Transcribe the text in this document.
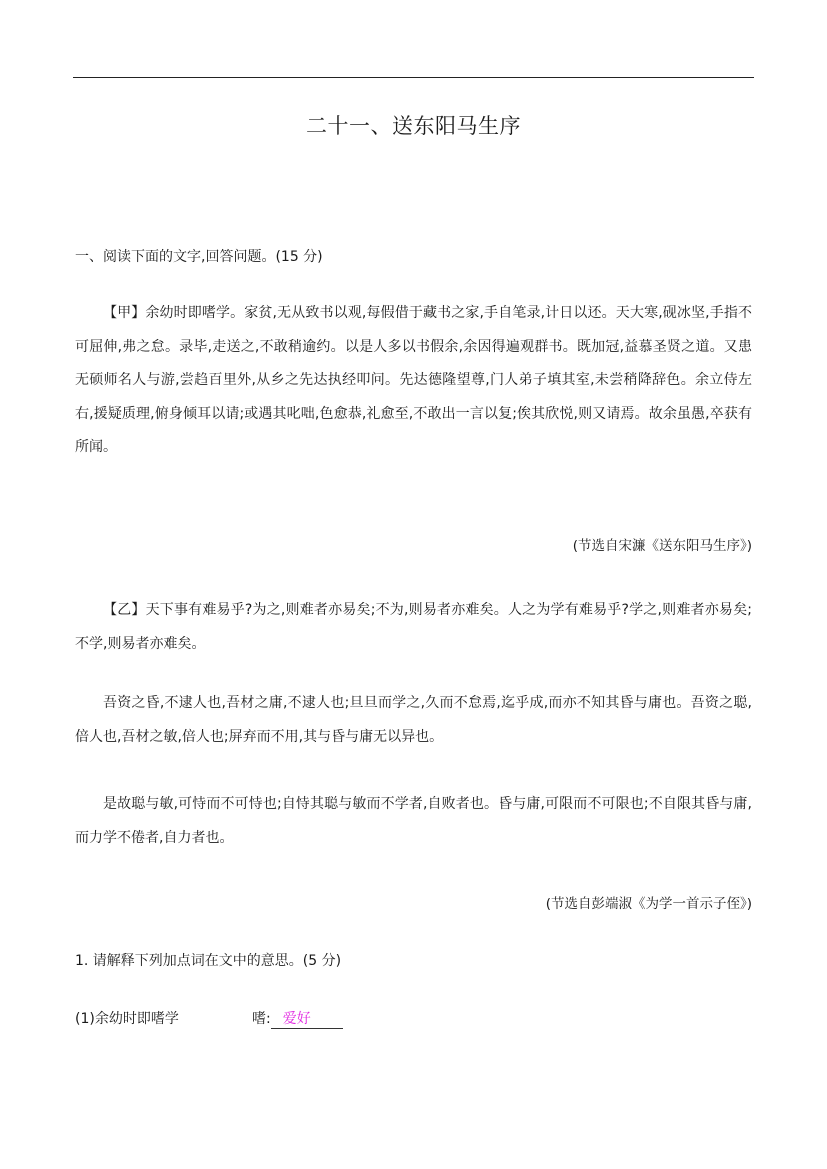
二十一、送东阳马生序
一、阅读下面的文字,回答问题。(15 分)
【甲】余幼时即嗜学。家贫,无从致书以观,每假借于藏书之家,手自笔录,计日以还。天大寒,砚冰坚,手指不可屈伸,弗之怠。录毕,走送之,不敢稍逾约。以是人多以书假余,余因得遍观群书。既加冠,益慕圣贤之道。又患无硕师名人与游,尝趋百里外,从乡之先达执经叩问。先达德隆望尊,门人弟子填其室,未尝稍降辞色。余立侍左右,援疑质理,俯身倾耳以请;或遇其叱咄,色愈恭,礼愈至,不敢出一言以复;俟其欣悦,则又请焉。故余虽愚,卒获有所闻。
(节选自宋濂《送东阳马生序》)
【乙】天下事有难易乎?为之,则难者亦易矣;不为,则易者亦难矣。人之为学有难易乎?学之,则难者亦易矣;不学,则易者亦难矣。
吾资之昏,不逮人也,吾材之庸,不逮人也;旦旦而学之,久而不怠焉,迄乎成,而亦不知其昏与庸也。吾资之聪,倍人也,吾材之敏,倍人也;屏弃而不用,其与昏与庸无以异也。
是故聪与敏,可恃而不可恃也;自恃其聪与敏而不学者,自败者也。昏与庸,可限而不可限也;不自限其昏与庸,而力学不倦者,自力者也。
(节选自彭端淑《为学一首示子侄》)
1. 请解释下列加点词在文中的意思。(5 分)
(1)余幼时即嗜学	嗜: 爱好
